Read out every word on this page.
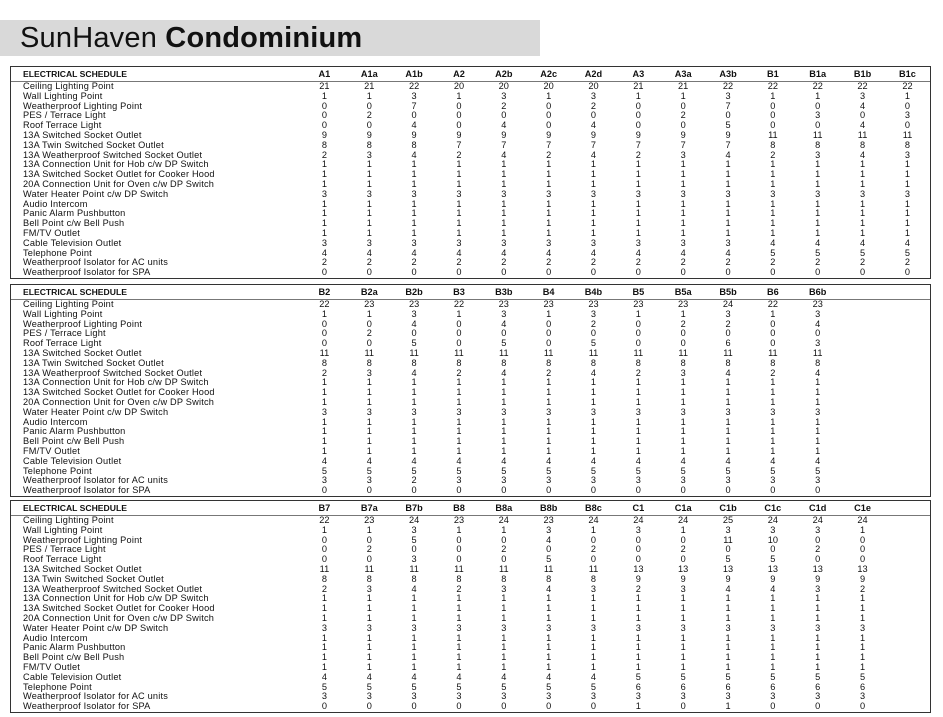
SunHaven Condominium
ELECTRICAL SCHEDULE	A1	A1a	A1b	A2	A2b	A2c	A2d	A3	A3a	A3b	B1	B1a	B1b	B1c
Ceiling Lighting Point	21	21	22	20	20	20	20	21	21	22	22	22	22	22
Wall Lighting Point	1	1	3	1	3	1	3	1	1	3	1	1	3	1
Weatherproof Lighting Point	0	0	7	0	2	0	2	0	0	7	0	0	4	0
PES / Terrace Light	0	2	0	0	0	0	0	0	2	0	0	3	0	3
Roof Terrace Light	0	0	4	0	4	0	4	0	0	5	0	0	4	0
13A Switched Socket Outlet	9	9	9	9	9	9	9	9	9	9	11	11	11	11
13A Twin Switched Socket Outlet	8	8	8	7	7	7	7	7	7	7	8	8	8	8
13A Weatherproof Switched Socket Outlet	2	3	4	2	4	2	4	2	3	4	2	3	4	3
13A Connection Unit for Hob c/w DP Switch	1	1	1	1	1	1	1	1	1	1	1	1	1	1
13A Switched Socket Outlet for Cooker Hood	1	1	1	1	1	1	1	1	1	1	1	1	1	1
20A Connection Unit for Oven c/w DP Switch	1	1	1	1	1	1	1	1	1	1	1	1	1	1
Water Heater Point c/w DP Switch	3	3	3	3	3	3	3	3	3	3	3	3	3	3
Audio Intercom	1	1	1	1	1	1	1	1	1	1	1	1	1	1
Panic Alarm Pushbutton	1	1	1	1	1	1	1	1	1	1	1	1	1	1
Bell Point c/w Bell Push	1	1	1	1	1	1	1	1	1	1	1	1	1	1
FM/TV Outlet	1	1	1	1	1	1	1	1	1	1	1	1	1	1
Cable Television Outlet	3	3	3	3	3	3	3	3	3	3	4	4	4	4
Telephone Point	4	4	4	4	4	4	4	4	4	4	5	5	5	5
Weatherproof Isolator for AC units	2	2	2	2	2	2	2	2	2	2	2	2	2	2
Weatherproof Isolator for SPA	0	0	0	0	0	0	0	0	0	0	0	0	0	0
ELECTRICAL SCHEDULE	B2	B2a	B2b	B3	B3b	B4	B4b	B5	B5a	B5b	B6	B6b		
Ceiling Lighting Point	22	23	23	22	23	23	23	23	23	24	22	23		
Wall Lighting Point	1	1	3	1	3	1	3	1	1	3	1	3		
Weatherproof Lighting Point	0	0	4	0	4	0	2	0	2	2	0	4		
PES / Terrace Light	0	2	0	0	0	0	0	0	0	0	0	0		
Roof Terrace Light	0	0	5	0	5	0	5	0	0	6	0	3		
13A Switched Socket Outlet	11	11	11	11	11	11	11	11	11	11	11	11		
13A Twin Switched Socket Outlet	8	8	8	8	8	8	8	8	8	8	8	8		
13A Weatherproof Switched Socket Outlet	2	3	4	2	4	2	4	2	3	4	2	4		
13A Connection Unit for Hob c/w DP Switch	1	1	1	1	1	1	1	1	1	1	1	1		
13A Switched Socket Outlet for Cooker Hood	1	1	1	1	1	1	1	1	1	1	1	1		
20A Connection Unit for Oven c/w DP Switch	1	1	1	1	1	1	1	1	1	1	1	1		
Water Heater Point c/w DP Switch	3	3	3	3	3	3	3	3	3	3	3	3		
Audio Intercom	1	1	1	1	1	1	1	1	1	1	1	1		
Panic Alarm Pushbutton	1	1	1	1	1	1	1	1	1	1	1	1		
Bell Point c/w Bell Push	1	1	1	1	1	1	1	1	1	1	1	1		
FM/TV Outlet	1	1	1	1	1	1	1	1	1	1	1	1		
Cable Television Outlet	4	4	4	4	4	4	4	4	4	4	4	4		
Telephone Point	5	5	5	5	5	5	5	5	5	5	5	5		
Weatherproof Isolator for AC units	3	3	2	3	3	3	3	3	3	3	3	3		
Weatherproof Isolator for SPA	0	0	0	0	0	0	0	0	0	0	0	0		
ELECTRICAL SCHEDULE	B7	B7a	B7b	B8	B8a	B8b	B8c	C1	C1a	C1b	C1c	C1d	C1e	
Ceiling Lighting Point	22	23	24	23	24	23	24	24	24	25	24	24	24	
Wall Lighting Point	1	1	3	1	1	3	1	3	1	3	3	3	1	
Weatherproof Lighting Point	0	0	5	0	0	4	0	0	0	11	10	0	0	
PES / Terrace Light	0	2	0	0	2	0	2	0	2	0	0	2	0	
Roof Terrace Light	0	0	3	0	0	5	0	0	0	5	5	0	0	
13A Switched Socket Outlet	11	11	11	11	11	11	11	13	13	13	13	13	13	
13A Twin Switched Socket Outlet	8	8	8	8	8	8	8	9	9	9	9	9	9	
13A Weatherproof Switched Socket Outlet	2	3	4	2	3	4	3	2	3	4	4	3	2	
13A Connection Unit for Hob c/w DP Switch	1	1	1	1	1	1	1	1	1	1	1	1	1	
13A Switched Socket Outlet for Cooker Hood	1	1	1	1	1	1	1	1	1	1	1	1	1	
20A Connection Unit for Oven c/w DP Switch	1	1	1	1	1	1	1	1	1	1	1	1	1	
Water Heater Point c/w DP Switch	3	3	3	3	3	3	3	3	3	3	3	3	3	
Audio Intercom	1	1	1	1	1	1	1	1	1	1	1	1	1	
Panic Alarm Pushbutton	1	1	1	1	1	1	1	1	1	1	1	1	1	
Bell Point c/w Bell Push	1	1	1	1	1	1	1	1	1	1	1	1	1	
FM/TV Outlet	1	1	1	1	1	1	1	1	1	1	1	1	1	
Cable Television Outlet	4	4	4	4	4	4	4	5	5	5	5	5	5	
Telephone Point	5	5	5	5	5	5	5	6	6	6	6	6	6	
Weatherproof Isolator for AC units	3	3	3	3	3	3	3	3	3	3	3	3	3	
Weatherproof Isolator for SPA	0	0	0	0	0	0	0	1	0	1	0	0	0	
